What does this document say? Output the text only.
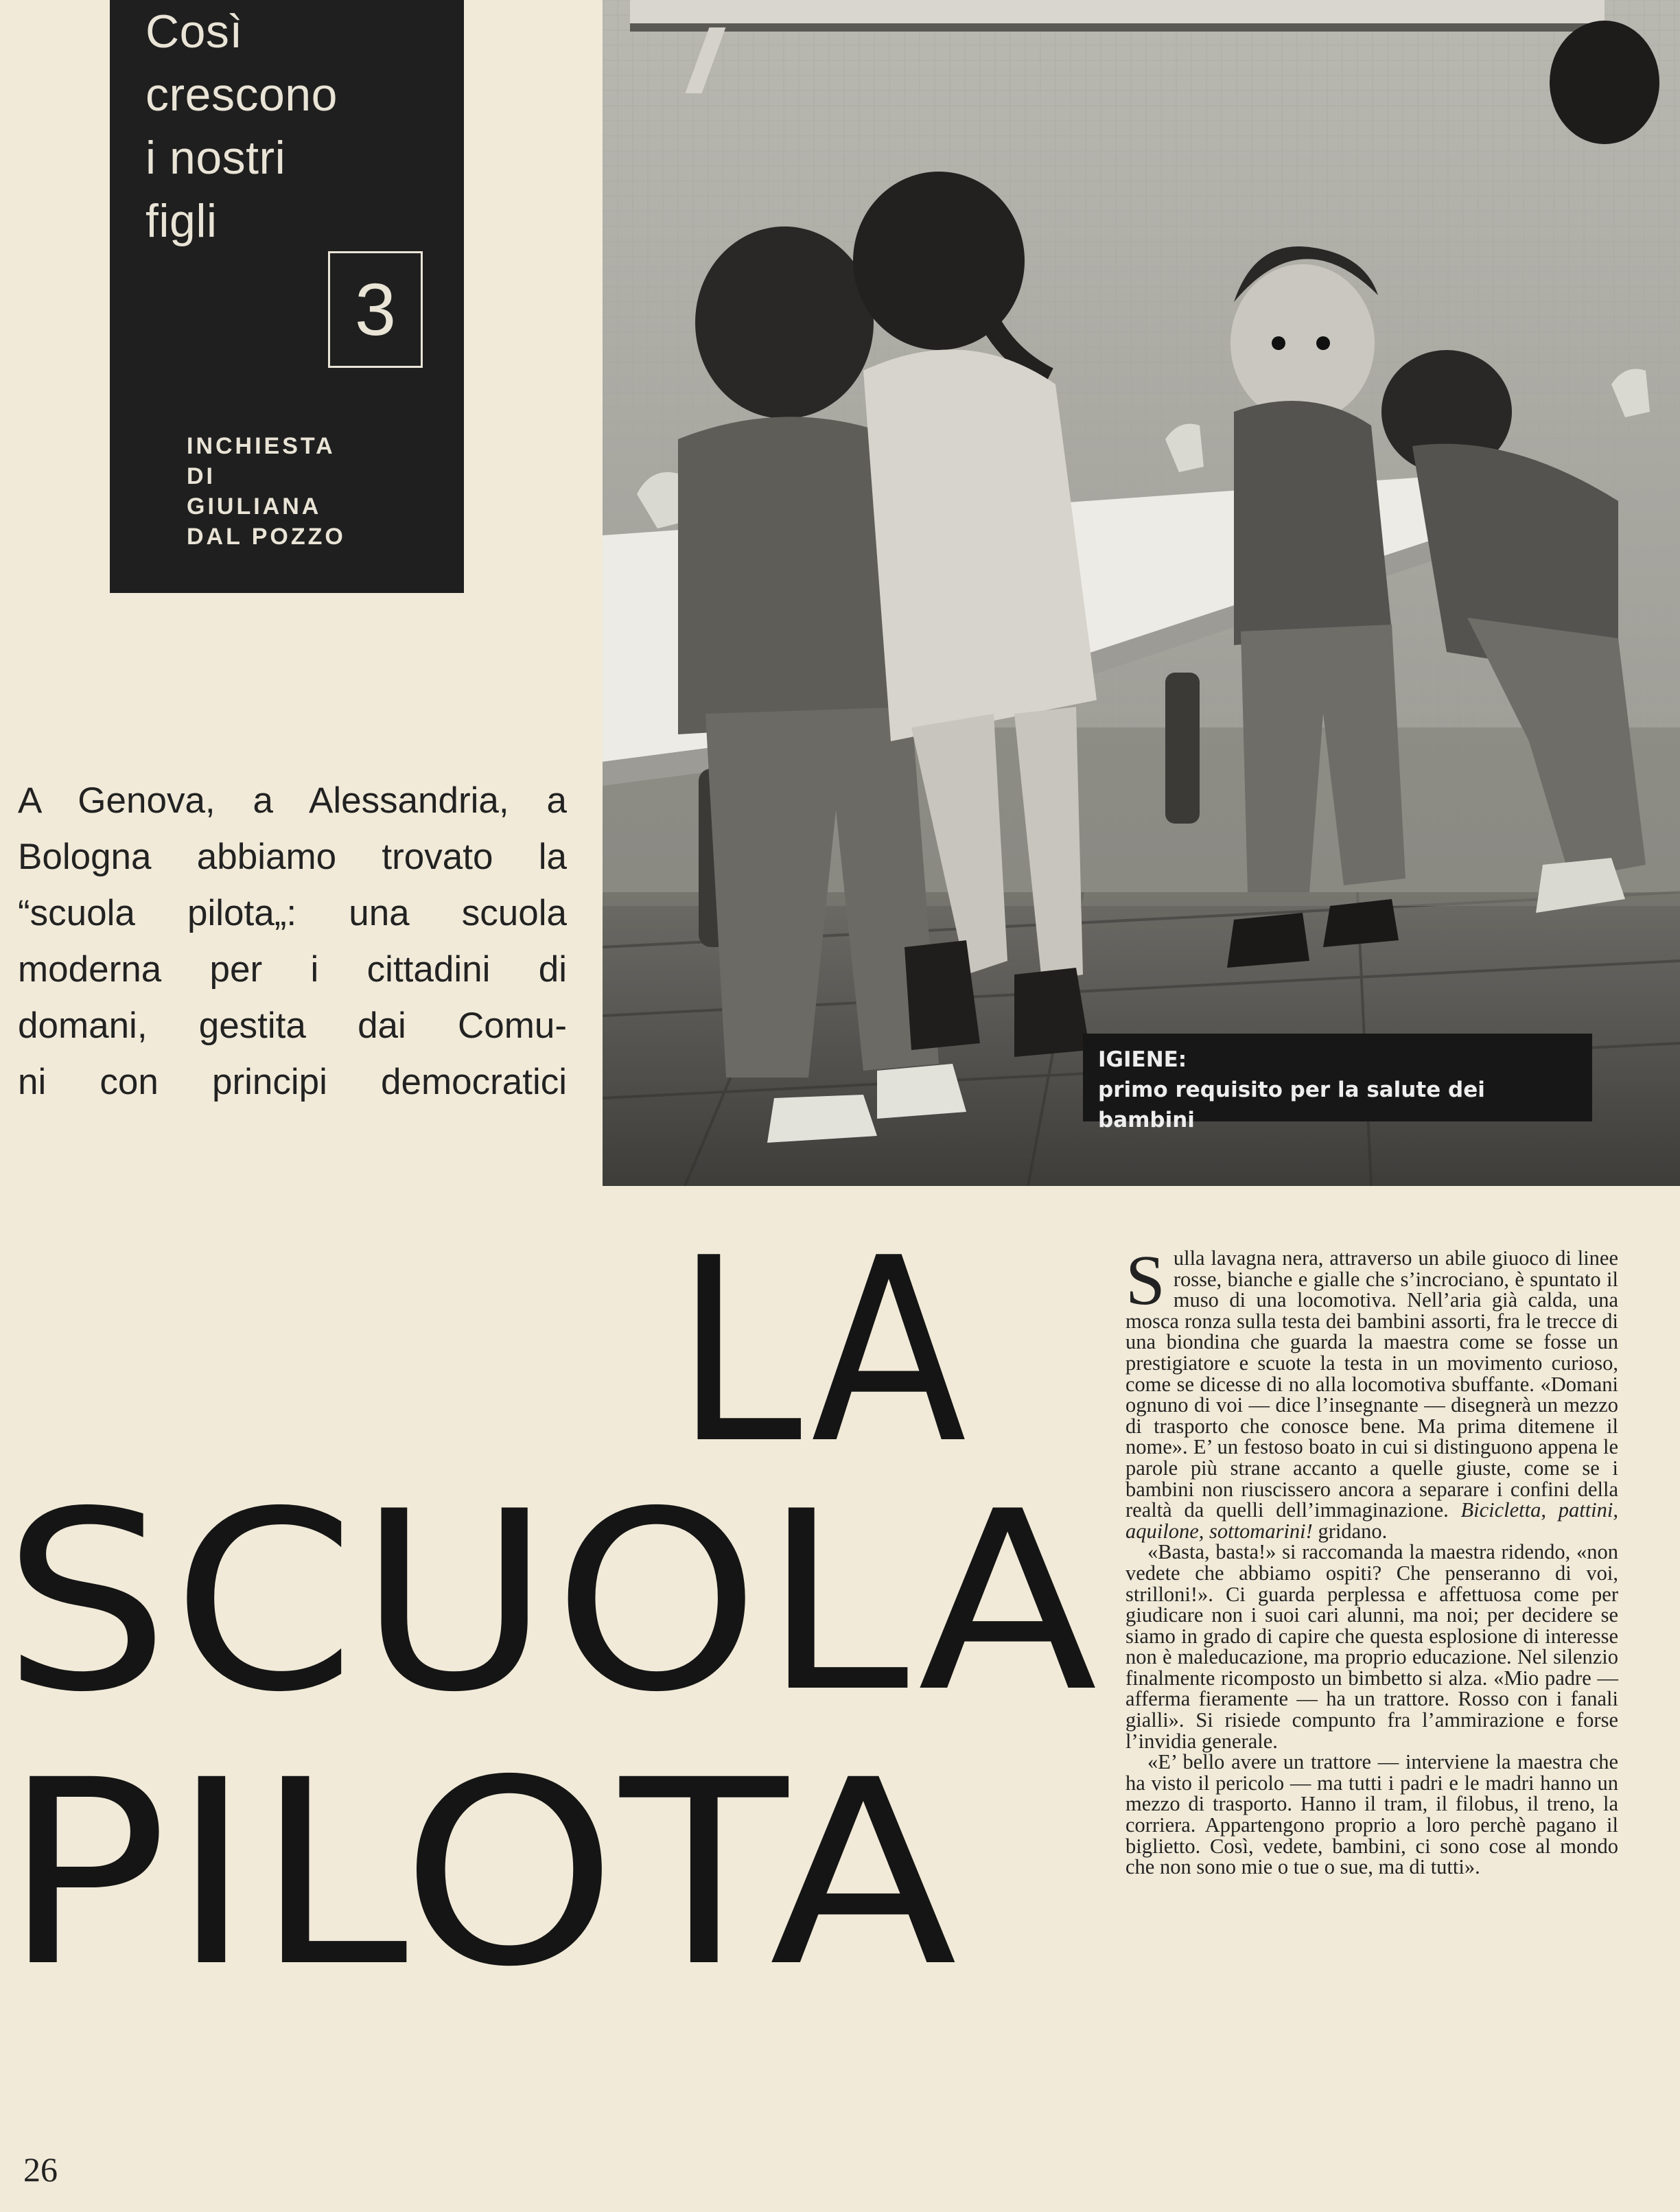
Così
crescono
i nostri
figli
3
INCHIESTA
DI
GIULIANA
DAL POZZO
IGIENE:
primo requisito per la salute dei bambini
A Genova, a Alessandria, a
Bologna abbiamo trovato la
“scuola pilota„: una scuola
moderna per i cittadini di
domani, gestita dai Comu-
ni con principi democratici
LA
SCUOLA
PILOTA

Sulla lavagna nera, attraverso un abile giuoco di linee rosse, bianche e gialle che s’incrociano, è spuntato il muso di una locomotiva. Nell’aria già calda, una mosca ronza sulla testa dei bambini assorti, fra le trecce di una biondina che guarda la maestra come se fosse un prestigiatore e scuote la testa in un movimento curioso, come se dicesse di no alla locomotiva sbuffante. «Domani ognuno di voi — dice l’insegnante — disegnerà un mezzo di trasporto che conosce bene. Ma prima ditemene il nome». E’ un festoso boato in cui si distinguono appena le parole più strane accanto a quelle giuste, come se i bambini non riuscissero ancora a separare i confini della realtà da quelli dell’immaginazione. Bicicletta, pattini, aquilone, sottomarini! gridano.

«Basta, basta!» si raccomanda la maestra ridendo, «non vedete che abbiamo ospiti? Che penseranno di voi, strilloni!». Ci guarda perplessa e affettuosa come per giudicare non i suoi cari alunni, ma noi; per decidere se siamo in grado di capire che questa esplosione di interesse non è maleducazione, ma proprio educazione. Nel silenzio finalmente ricomposto un bimbetto si alza. «Mio padre — afferma fieramente — ha un trattore. Rosso con i fanali gialli». Si risiede compunto fra l’ammirazione e forse l’invidia generale.

«E’ bello avere un trattore — interviene la maestra che ha visto il pericolo — ma tutti i padri e le madri hanno un mezzo di trasporto. Hanno il tram, il filobus, il treno, la corriera. Appartengono proprio a loro perchè pagano il biglietto. Così, vedete, bambini, ci sono cose al mondo che non sono mie o tue o sue, ma di tutti».

26
